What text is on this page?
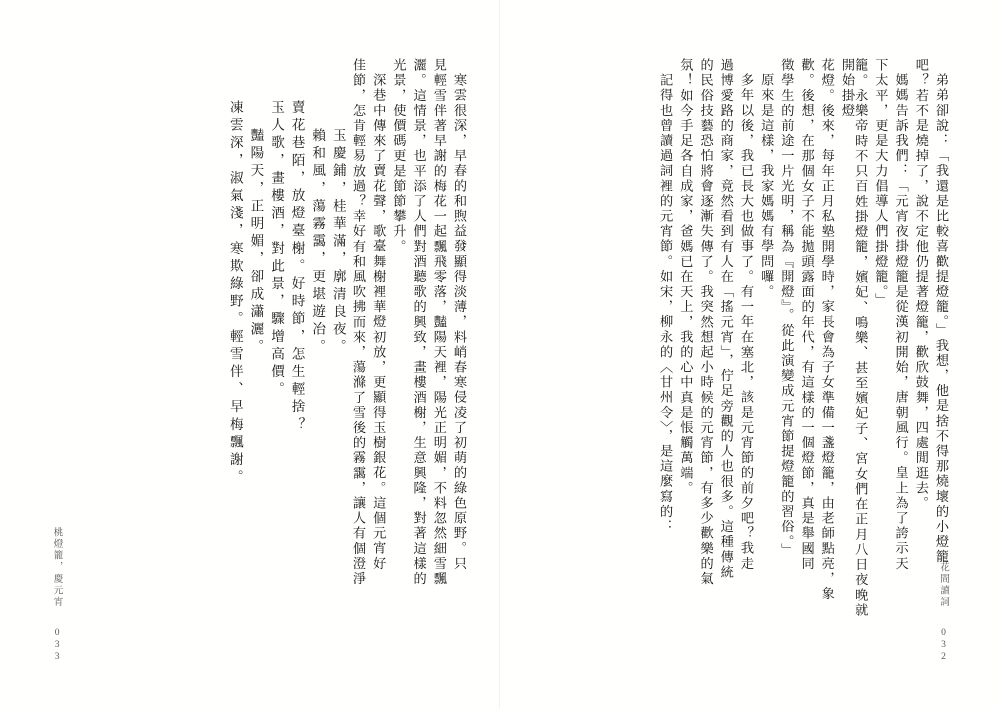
寒雲很深，早春的和煦益發顯得淡薄，料峭春寒侵凌了初萌的綠色原野。只
見輕雪伴著早謝的梅花一起飄飛零落，豔陽天裡，陽光正明媚，不料忽然細雪飄
灑。這情景，也平添了人們對酒聽歌的興致，畫樓酒榭，生意興隆，對著這樣的
光景，使價碼更是節節攀升。
深巷中傳來了賣花聲，歌臺舞榭裡華燈初放，更顯得玉樹銀花。這個元宵好
佳節，怎肯輕易放過？幸好有和風吹拂而來，蕩滌了雪後的霧靄，讓人有個澄淨
玉慶鋪，桂華滿，廓清良夜。
賴和風，蕩霧靄，更堪遊冶。
賣花巷陌，放燈臺榭。好時節，怎生輕捨？
玉人歌，畫樓酒，對此景，驟增高價。
豔陽天，正明媚，卻成瀟灑。
凍雲深，淑氣淺，寒欺綠野。輕雪伴、早梅飄謝。
桃燈籠，慶元宵 033
弟弟卻說：「我還是比較喜歡提燈籠。」我想，他是捨不得那燒壞的小燈籠
吧？若不是燒掉了，說不定他仍提著燈籠，歡欣鼓舞，四處閒逛去。
媽媽告訴我們：「元宵夜掛燈籠是從漢初開始，唐朝風行。皇上為了誇示天
下太平，更是大力倡導人們掛燈籠。」
籠。永樂帝時不只百姓掛燈籠，嬪妃、鳴樂、甚至嬪妃子、宮女們在正月八日夜晚就開始掛燈
花燈。後來，每年正月私塾開學時，家長會為子女準備一盞燈籠，由老師點亮，象
歡。後想，在那個女子不能拋頭露面的年代，有這樣的一個燈節，真是舉國同
徵學生的前途一片光明，稱為『開燈』。從此演變成元宵節提燈籠的習俗。」
原來是這樣，我家媽媽有學問囉。
多年以後，我已長大也做事了。有一年在塞北，該是元宵節的前夕吧？我走
過博愛路的商家，竟然看到有人在「搖元宵」，佇足旁觀的人也很多。這種傳統
的民俗技藝恐怕將會逐漸失傳了。我突然想起小時候的元宵節，有多少歡樂的氣
氛！如今手足各自成家，爸媽已在天上，我的心中真是悵觸萬端。
記得也曾讀過詞裡的元宵節。如宋，柳永的〈甘州令〉，是這麼寫的：
花間讀詞 032
